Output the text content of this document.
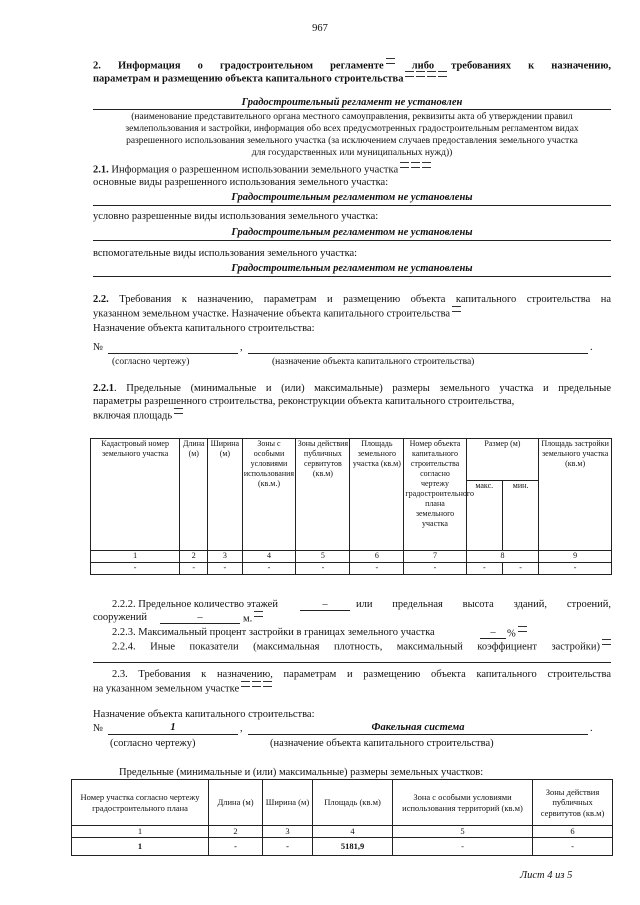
967
2. Информация о градостроительном регламенте	либо требованиях к назначению,
параметрам и размещению объекта капитального строительства
Градостроительный регламент не установлен
(наименование представительного органа местного самоуправления, реквизиты акта об утверждении правил
землепользования и застройки, информация обо всех предусмотренных градостроительным регламентом видах
разрешенного использования земельного участка (за исключением случаев предоставления земельного участка
для государственных или муниципальных нужд))
2.1. Информация о разрешенном использовании земельного участка
основные виды разрешенного использования земельного участка:
Градостроительным регламентом не установлены
условно разрешенные виды использования земельного участка:
Градостроительным регламентом не установлены
вспомогательные виды использования земельного участка:
Градостроительным регламентом не установлены
2.2. Требования к назначению, параметрам и размещению объекта капитального строительства на
указанном земельном участке. Назначение объекта капитального строительства
Назначение объекта капитального строительства:
№	,	.
(согласно чертежу)	(назначение объекта капитального строительства)
2.2.1. Предельные (минимальные и (или) максимальные) размеры земельного участка и предельные
параметры разрешенного строительства, реконструкции объекта капитального строительства,
включая площадь
Кадастровый номер земельного участка	Длина (м)	Ширина (м)	Зоны с особыми условиями использования (кв.м.)	Зоны действия публичных сервитутов (кв.м)	Площадь земельного участка (кв.м)	Номер объекта капитального строительства согласно чертежу градостроительного плана земельного участка	Размер (м)		Площадь застройки земельного участка (кв.м)
							макс.	мин.	
1	2	3	4	5	6	7	8		9
-	-	-	-	-	-	-	-	-	-
2.2.2. Предельное количество этажей	–	или предельная высота зданий, строений,
сооружений	–	м.
2.2.3. Максимальный процент застройки в границах земельного участка	–	%
2.2.4. Иные показатели (максимальная плотность, максимальный коэффициент застройки)
2.3. Требования к назначению, параметрам и размещению объекта капитального строительства
на указанном земельном участке
Назначение объекта капитального строительства:
№	1	,	Факельная система	.
(согласно чертежу)	(назначение объекта капитального строительства)
Предельные (минимальные и (или) максимальные) размеры земельных участков:
Номер участка согласно чертежу градостроительного плана	Длина (м)	Ширина (м)	Площадь (кв.м)	Зона с особыми условиями использования территорий (кв.м)	Зоны действия публичных сервитутов (кв.м)
1	2	3	4	5	6
1	-	-	5181,9	-	-
Лист 4 из 5
